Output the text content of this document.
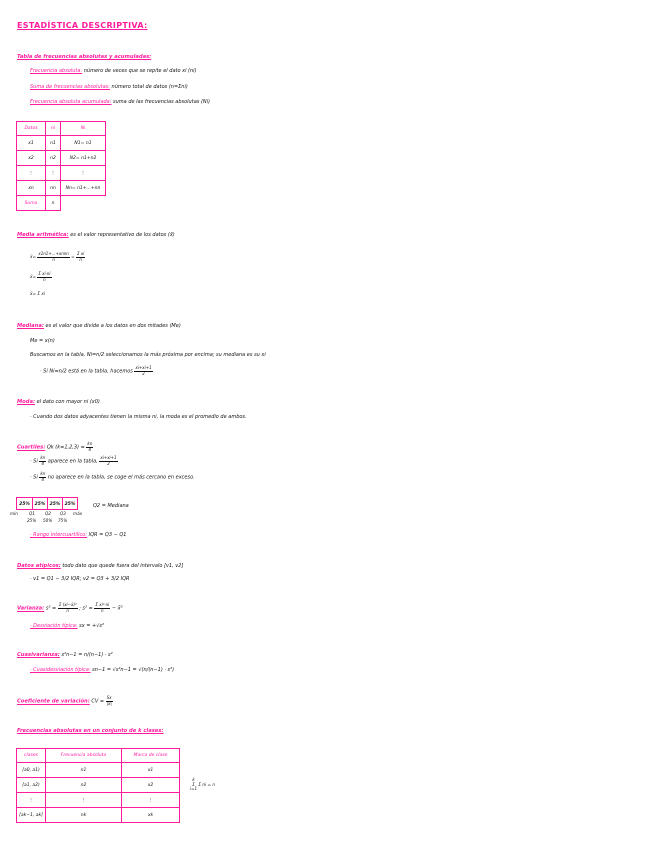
ESTADÍSTICA DESCRIPTIVA:
Tabla de frecuencias absolutas y acumuladas:
Frecuencia absoluta: número de veces que se repite el dato xi (ni)
Suma de frecuencias absolutas: número total de datos (n=Σni)
Frecuencia absoluta acumulada: suma de las frecuencias absolutas (Ni)
Datos	ni	Ni
x1	n1	N1= n1
x2	n2	N2= n1+n2
⋮	⋮	⋮
xn	nn	Nn= n1+...+nn
Suma	n	
Media aritmética: es el valor representativo de los datos (x̄)
x̄= $\frac{\text{x1n1+...+xnnn}}{n} = \frac{\text{Σ xi}}{n}$
x̄= $\frac{\text{Σ xi·ni}}{n}$
x̄= Σ xi
Mediana: es el valor que divide a los datos en dos mitades (Me)
Me = x(n)
Buscamos en la tabla, Ni=n/2 seleccionamos la más próxima por encima; su mediana es su xi
· Si Ni=n/2 está en la tabla, hacemos $\frac{xi+xi+1}{2}$
Moda: el dato con mayor ni (x0)
· Cuando dos datos adyacentes tienen la misma ni, la moda es el promedio de ambos.
Cuartiles: Qk $(k=1,2,3) = \frac{kn}{4}$
· Si $\frac{kn}{4}$ aparece en la tabla, $\frac{xi+xi+1}{2}$
· Si $\frac{kn}{4}$ no aparece en la tabla, se coge el más cercano en exceso.
25%	25% 25% 25%
min	Q1 Q2 Q3 máx
25% 50% 75%
Q2 = Mediana
· Rango intercuartílico: IQR = Q3 − Q1
Datos atípicos: todo dato que quede fuera del intervalo [v1, v2]
· v1 = Q1 − 3/2 IQR; v2 = Q3 + 3/2 IQR
Varianza: $s^2 = \frac{\text{Σ (xi−x̄)²}}{n}$ ; $s^2 = \frac{\text{Σ xi²·ni}}{n}$ − x̄²
· Desviación típica: sx = +√s²
Cuasivarianza: s²n−1 = n/(n−1) · s²
· Cuasidesviación típica: sn−1 = √s²n−1 = √(n/(n−1) · s²)
Coeficiente de variación: CV = $\frac{Sx}{|x̄|}$
Frecuencias absolutas en un conjunto de k clases:
clases	Frecuencia absoluta	Marca de clase
[a0, a1)	n1	x1
[a1, a2)	n2	x2
⋮	⋮	⋮
[ak−1, ak]	nk	xk
k
Σ
i=1
Σ ni = n
